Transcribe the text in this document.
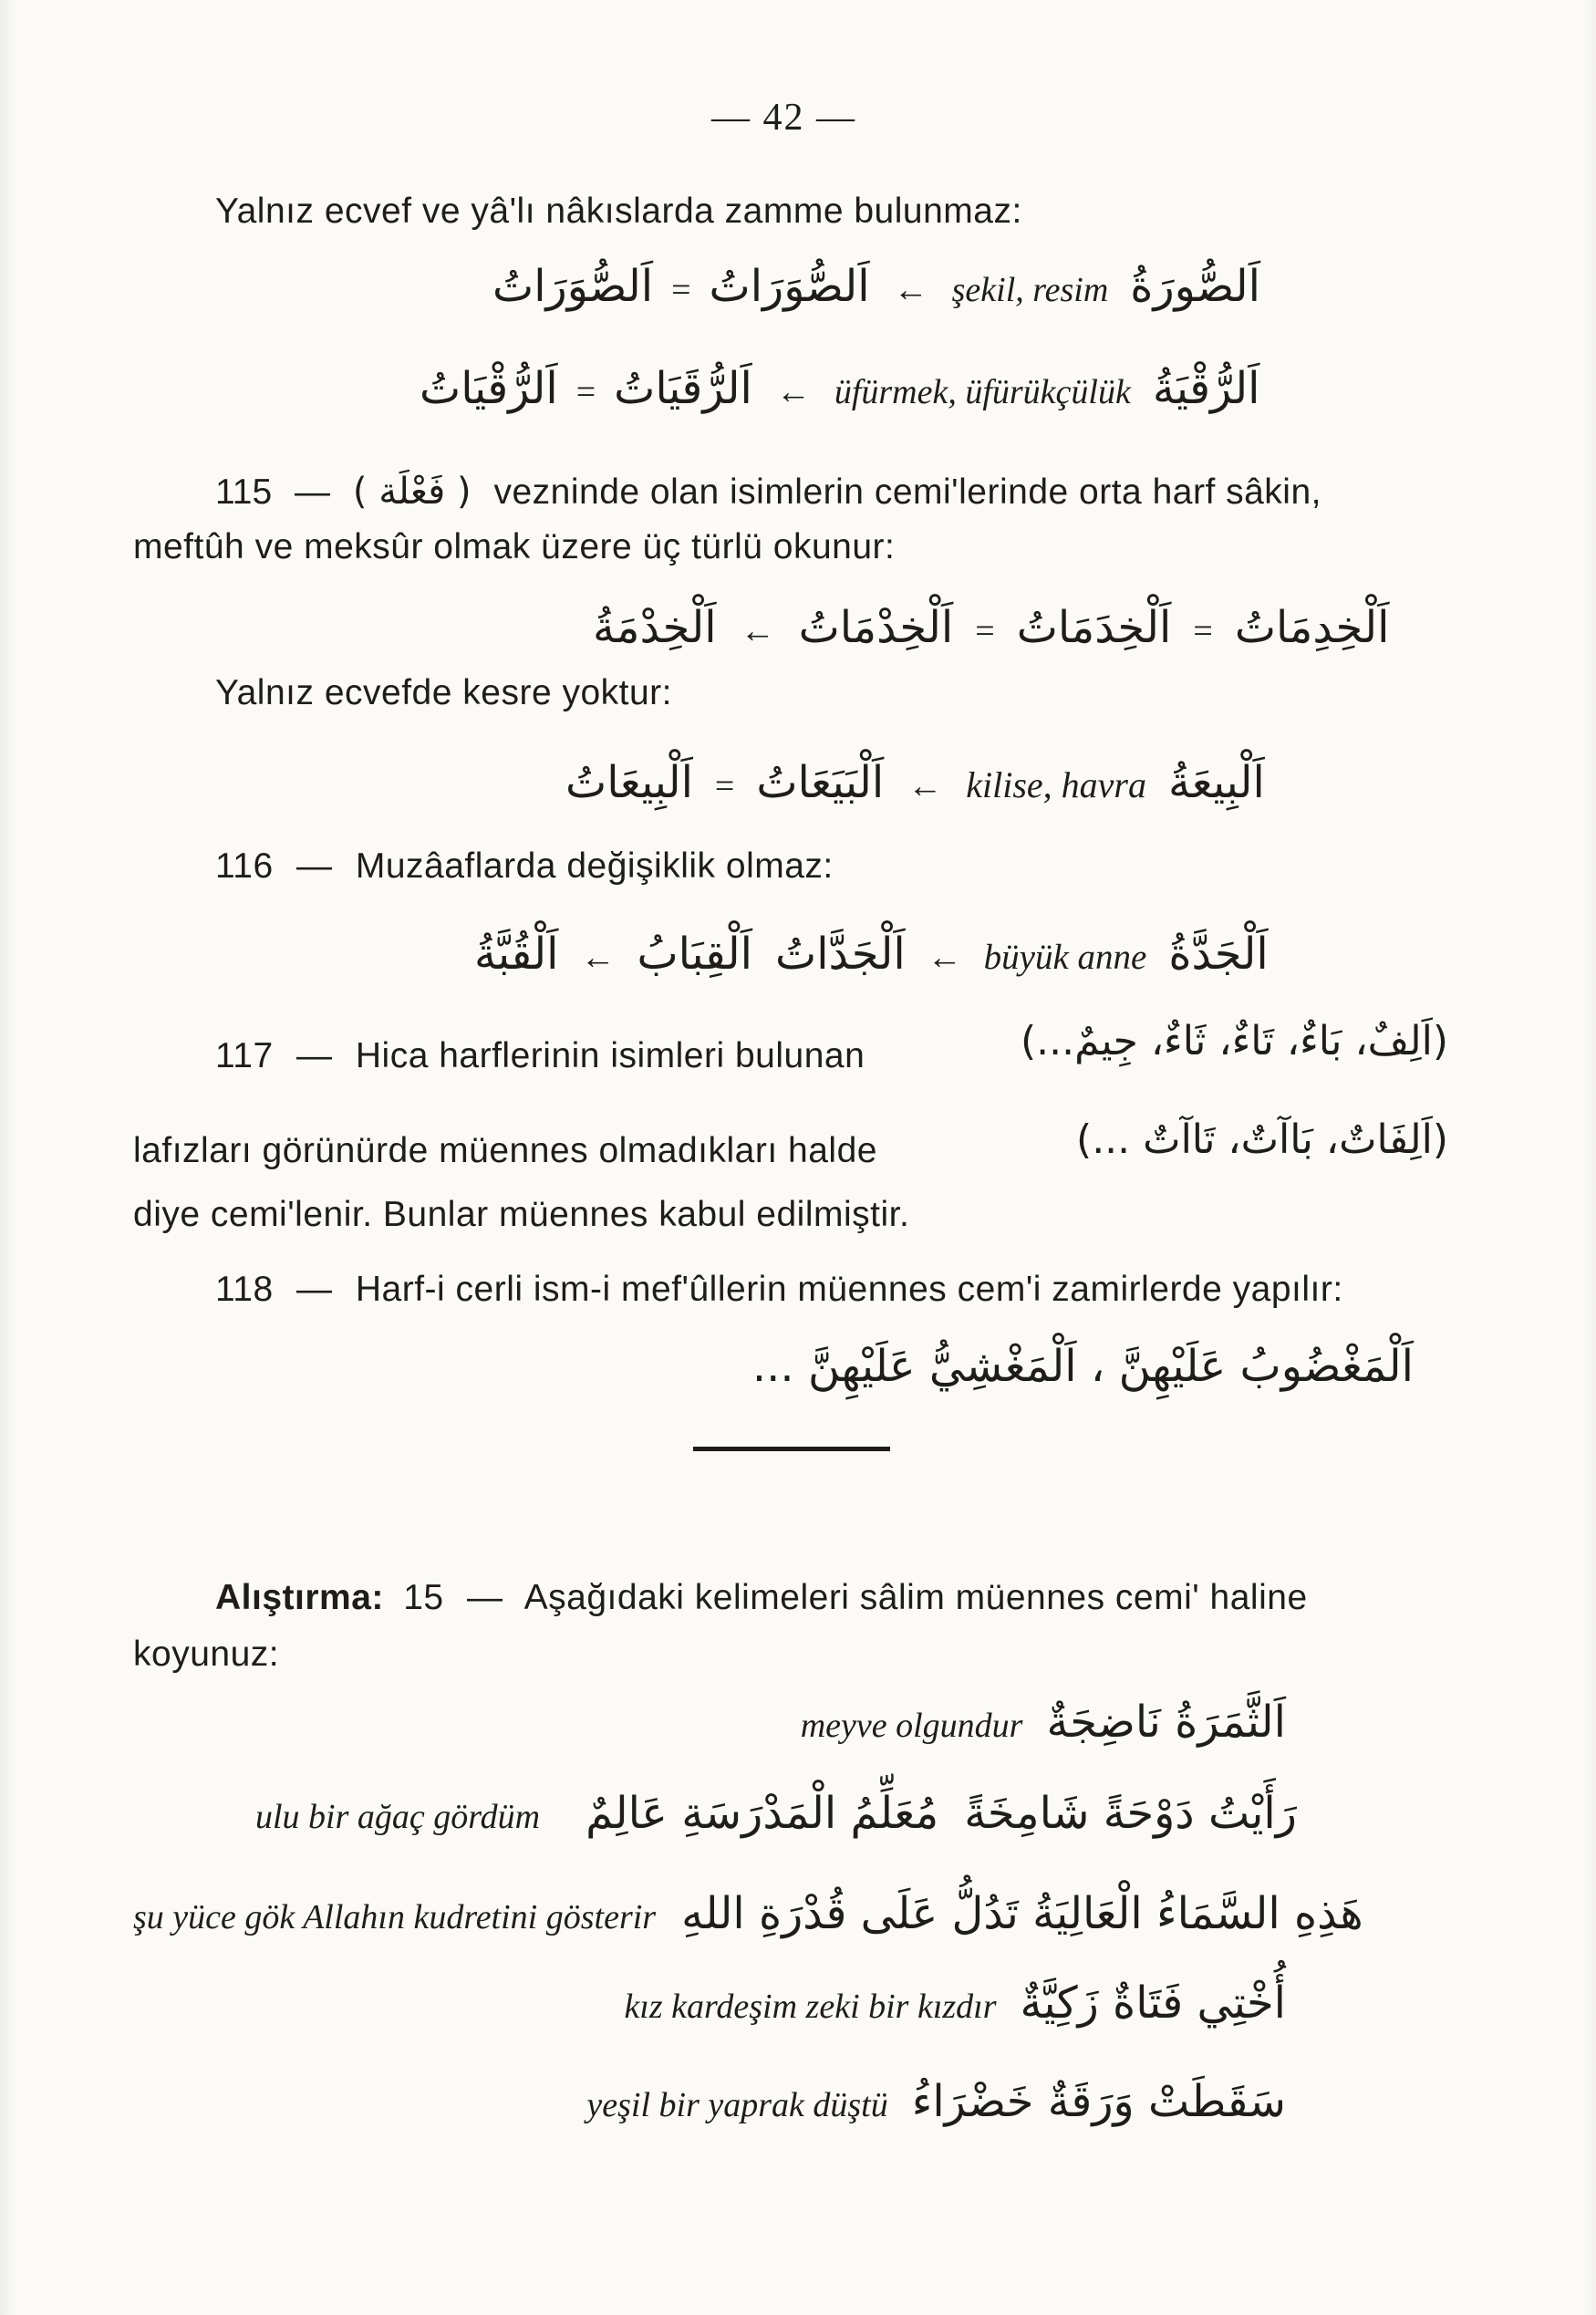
— 42 —
Yalnız ecvef ve yâ'lı nâkıslarda zamme bulunmaz:
اَلصُّوَرَاتُ = اَلصُّوَرَاتُ	← şekil, resim اَلصُّورَةُ
اَلرُّقَيَاتُ = اَلرُّقْيَاتُ	← üfürmek, üfürükçülük اَلرُّقْيَةُ
115 — ( فَعْلَة ) vezninde olan isimlerin cemi'lerinde orta harf sâkin,
meftûh ve meksûr olmak üzere üç türlü okunur:
اَلْخِدِمَاتُ = اَلْخِدَمَاتُ = اَلْخِدْمَاتُ ← اَلْخِدْمَةُ
Yalnız ecvefde kesre yoktur:
اَلْبَيَعَاتُ = اَلْبِيعَاتُ	← kilise, havra اَلْبِيعَةُ
116 — Muzâaflarda değişiklik olmaz:
اَلْقِبَابُ ← اَلْقُبَّةُ	اَلْجَدَّاتُ ← büyük anne اَلْجَدَّةُ
117 — Hica harflerinin isimleri bulunan	(اَلِفٌ، بَاءٌ، تَاءٌ، ثَاءٌ، جِيمٌ...)
lafızları görünürde müennes olmadıkları halde	(اَلِفَاتٌ، بَاآتٌ، تَاآتٌ ...)
diye cemi'lenir. Bunlar müennes kabul edilmiştir.
118 — Harf-i cerli ism-i mef'ûllerin müennes cem'i zamirlerde yapılır:
اَلْمَغْضُوبُ عَلَيْهِنَّ ، اَلْمَغْشِيُّ عَلَيْهِنَّ ...
Alıştırma: 15 — Aşağıdaki kelimeleri sâlim müennes cemi' haline
koyunuz:
meyve olgundur اَلثَّمَرَةُ نَاضِجَةٌ
ulu bir ağaç gördüm	رَأَيْتُ دَوْحَةً شَامِخَةً مُعَلِّمُ الْمَدْرَسَةِ عَالِمٌ
şu yüce gök Allahın kudretini gösterir هَذِهِ السَّمَاءُ الْعَالِيَةُ تَدُلُّ عَلَى قُدْرَةِ اللهِ
kız kardeşim zeki bir kızdır أُخْتِي فَتَاةٌ زَكِيَّةٌ
yeşil bir yaprak düştü سَقَطَتْ وَرَقَةٌ خَضْرَاءُ
